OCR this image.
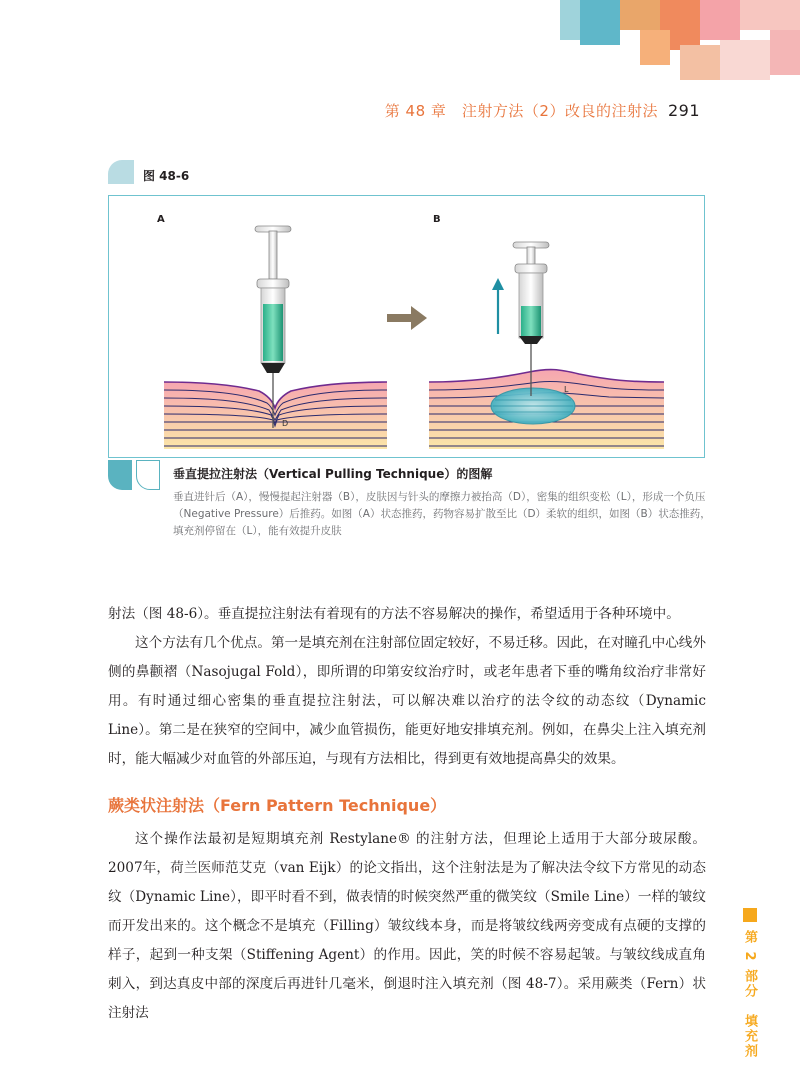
第 48 章　注射方法（2）改良的注射法 291
图 48-6
A	B
D
L
垂直提拉注射法（Vertical Pulling Technique）的图解
垂直进针后（A），慢慢提起注射器（B），皮肤因与针头的摩擦力被抬高（D），密集的组织变松（L），形成一个负压（Negative Pressure）后推药。如图（A）状态推药，药物容易扩散至比（D）柔软的组织，如图（B）状态推药，填充剂停留在（L），能有效提升皮肤

射法（图 48-6）。垂直提拉注射法有着现有的方法不容易解决的操作，希望适用于各种环境中。

这个方法有几个优点。第一是填充剂在注射部位固定较好，不易迁移。因此，在对瞳孔中心线外侧的鼻颧褶（Nasojugal Fold），即所谓的印第安纹治疗时，或老年患者下垂的嘴角纹治疗非常好用。有时通过细心密集的垂直提拉注射法，可以解决难以治疗的法令纹的动态纹（Dynamic Line）。第二是在狭窄的空间中，减少血管损伤，能更好地安排填充剂。例如，在鼻尖上注入填充剂时，能大幅减少对血管的外部压迫，与现有方法相比，得到更有效地提高鼻尖的效果。

蕨类状注射法（Fern Pattern Technique）

这个操作法最初是短期填充剂 Restylane® 的注射方法，但理论上适用于大部分玻尿酸。2007年，荷兰医师范艾克（van Eijk）的论文指出，这个注射法是为了解决法令纹下方常见的动态纹（Dynamic Line），即平时看不到，做表情的时候突然严重的微笑纹（Smile Line）一样的皱纹而开发出来的。这个概念不是填充（Filling）皱纹线本身，而是将皱纹线两旁变成有点硬的支撑的样子，起到一种支架（Stiffening Agent）的作用。因此，笑的时候不容易起皱。与皱纹线成直角刺入，到达真皮中部的深度后再进针几毫米，倒退时注入填充剂（图 48-7）。采用蕨类（Fern）状注射法	第 2 部分　填充剂
